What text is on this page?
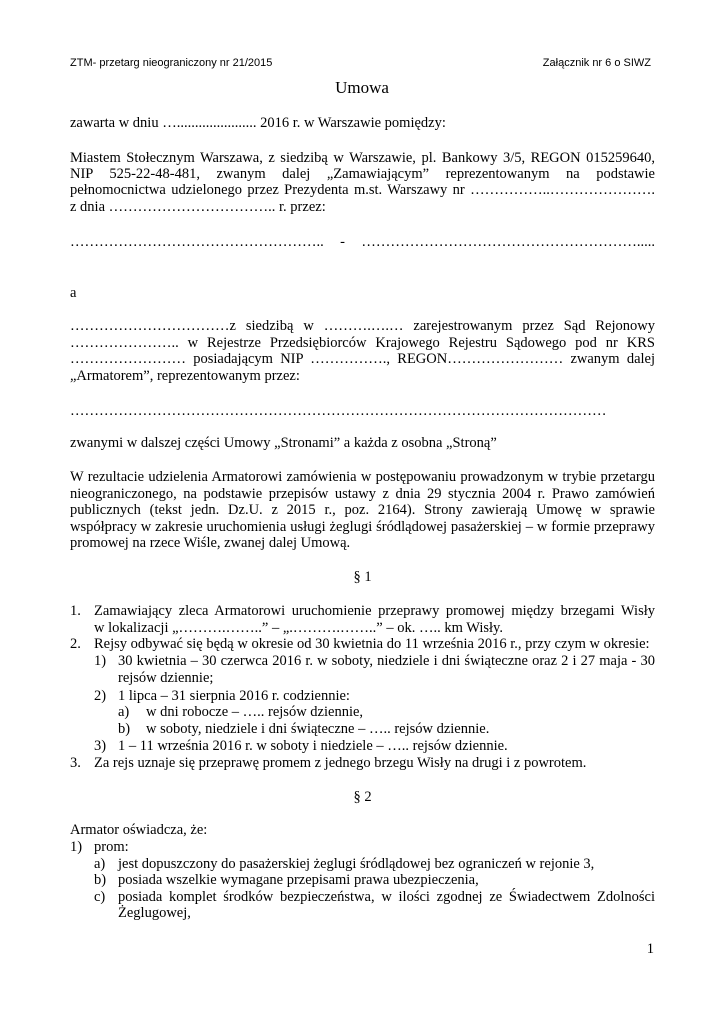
ZTM- przetarg nieograniczony nr 21/2015	Załącznik nr 6 o SIWZ
Umowa
zawarta w dniu …...................... 2016 r. w Warszawie pomiędzy:
Miastem Stołecznym Warszawa, z siedzibą w Warszawie, pl. Bankowy 3/5, REGON 015259640,
NIP 525-22-48-481, zwanym dalej „Zamawiającym” reprezentowanym na podstawie
pełnomocnictwa udzielonego przez Prezydenta m.st. Warszawy nr ……………..………………….
z dnia …………………………….. r. przez:
…………………………………………….. - ………………………………………………….....
a
……………………………z siedzibą w ……….….… zarejestrowanym przez Sąd Rejonowy
………………….. w Rejestrze Przedsiębiorców Krajowego Rejestru Sądowego pod nr KRS
…………………… posiadającym NIP ……………., REGON…………………… zwanym dalej
„Armatorem”, reprezentowanym przez:
…………………………………………………………………………………………………
zwanymi w dalszej części Umowy „Stronami” a każda z osobna „Stroną”
W rezultacie udzielenia Armatorowi zamówienia w postępowaniu prowadzonym w trybie przetargu
nieograniczonego, na podstawie przepisów ustawy z dnia 29 stycznia 2004 r. Prawo zamówień
publicznych (tekst jedn. Dz.U. z 2015 r., poz. 2164). Strony zawierają Umowę w sprawie
współpracy w zakresie uruchomienia usługi żeglugi śródlądowej pasażerskiej – w formie przeprawy
promowej na rzece Wiśle, zwanej dalej Umową.
§ 1
1. Zamawiający zleca Armatorowi uruchomienie przeprawy promowej między brzegami Wisły
w lokalizacji „……….……..” – „.……….……..” – ok. ….. km Wisły.
2. Rejsy odbywać się będą w okresie od 30 kwietnia do 11 września 2016 r., przy czym w okresie:
1) 30 kwietnia – 30 czerwca 2016 r. w soboty, niedziele i dni świąteczne oraz 2 i 27 maja - 30
rejsów dziennie;
2) 1 lipca – 31 sierpnia 2016 r. codziennie:
a) w dni robocze – ….. rejsów dziennie,
b) w soboty, niedziele i dni świąteczne – ….. rejsów dziennie.
3) 1 – 11 września 2016 r. w soboty i niedziele – ….. rejsów dziennie.
3. Za rejs uznaje się przeprawę promem z jednego brzegu Wisły na drugi i z powrotem.
§ 2
Armator oświadcza, że:
1) prom:
a) jest dopuszczony do pasażerskiej żeglugi śródlądowej bez ograniczeń w rejonie 3,
b) posiada wszelkie wymagane przepisami prawa ubezpieczenia,
c) posiada komplet środków bezpieczeństwa, w ilości zgodnej ze Świadectwem Zdolności
Żeglugowej,
1
